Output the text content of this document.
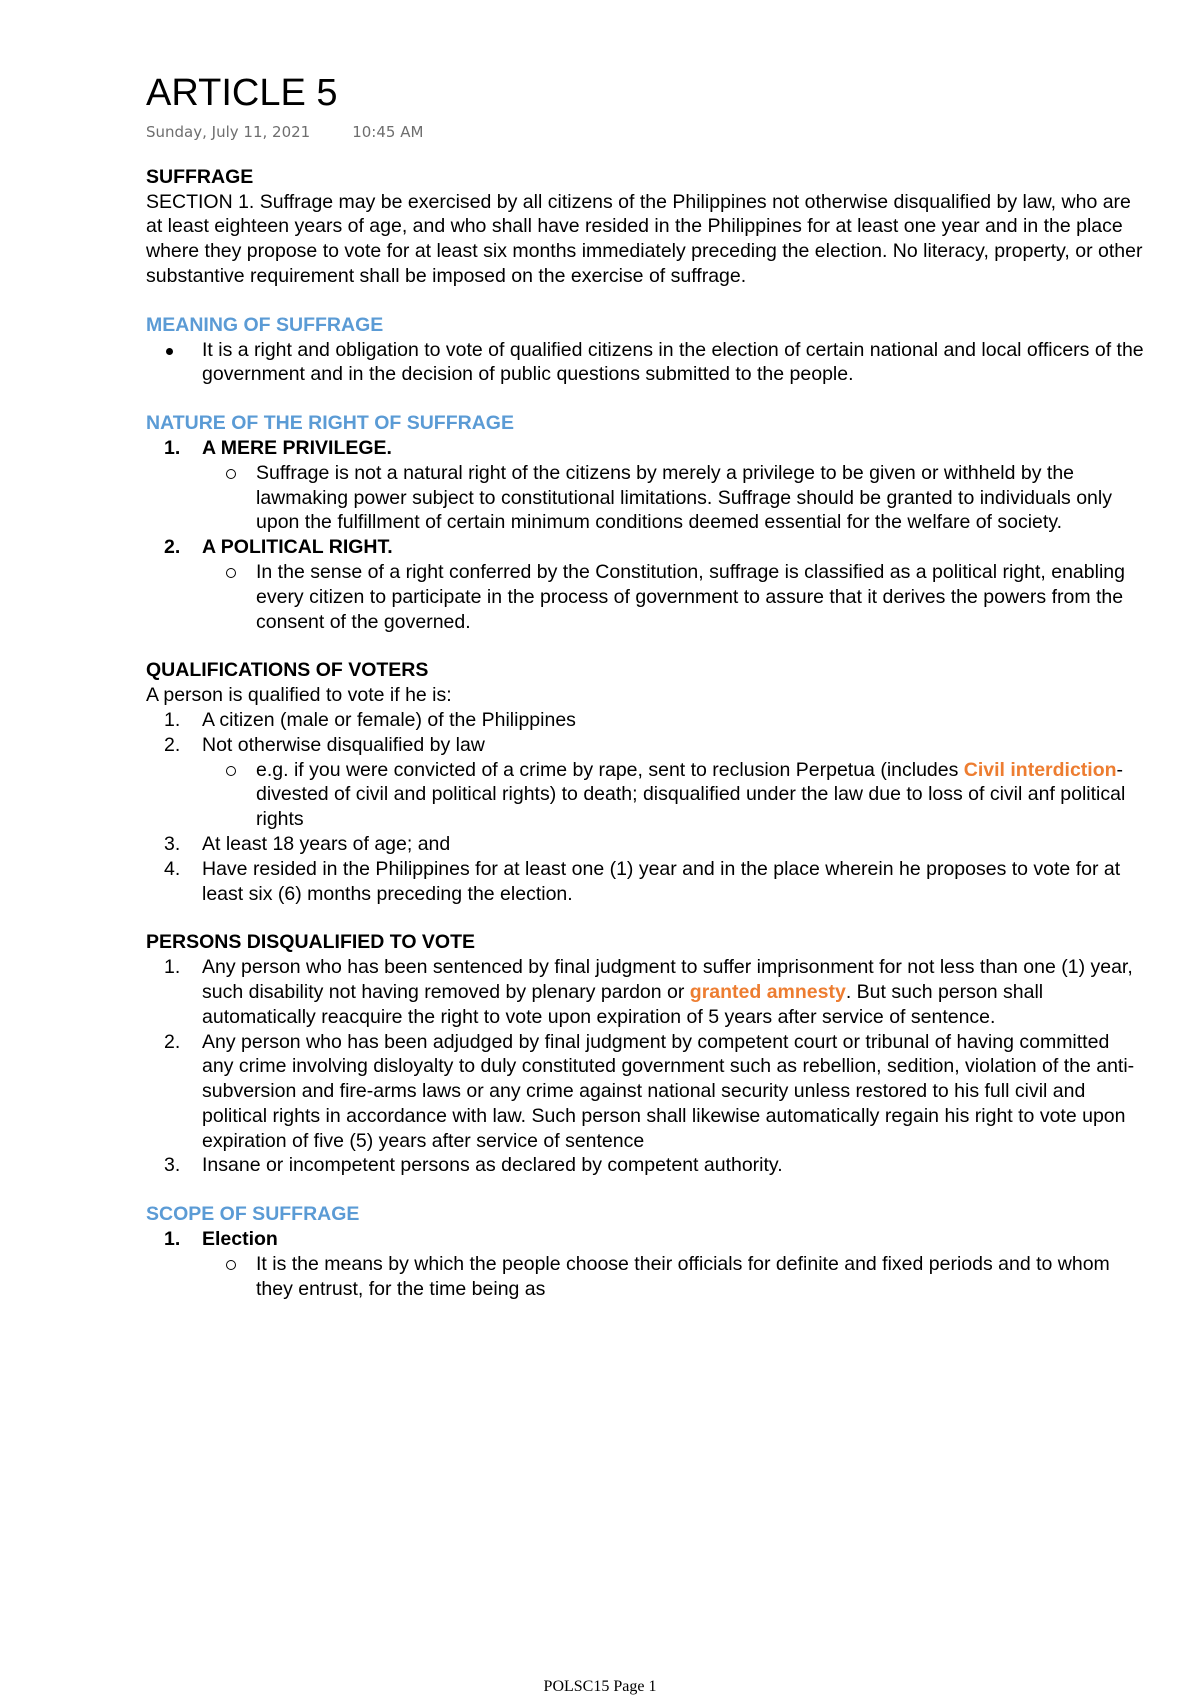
ARTICLE 5
Sunday, July 11, 2021	10:45 AM

SUFFRAGE

SECTION 1. Suffrage may be exercised by all citizens of the Philippines not otherwise disqualified by law, who are at least eighteen years of age, and who shall have resided in the Philippines for at least one year and in the place where they propose to vote for at least six months immediately preceding the election. No literacy, property, or other substantive requirement shall be imposed on the exercise of suffrage.

MEANING OF SUFFRAGE

It is a right and obligation to vote of qualified citizens in the election of certain national and local officers of the government and in the decision of public questions submitted to the people.

NATURE OF THE RIGHT OF SUFFRAGE

1.	A MERE PRIVILEGE.
Suffrage is not a natural right of the citizens by merely a privilege to be given or withheld by the lawmaking power subject to constitutional limitations. Suffrage should be granted to individuals only upon the fulfillment of certain minimum conditions deemed essential for the welfare of society.
2.	A POLITICAL RIGHT.
In the sense of a right conferred by the Constitution, suffrage is classified as a political right, enabling every citizen to participate in the process of government to assure that it derives the powers from the consent of the governed.

QUALIFICATIONS OF VOTERS

A person is qualified to vote if he is:

1.	A citizen (male or female) of the Philippines
2.	Not otherwise disqualified by law
e.g. if you were convicted of a crime by rape, sent to reclusion Perpetua (includes Civil interdiction-divested of civil and political rights) to death; disqualified under the law due to loss of civil anf political rights
3.	At least 18 years of age; and
4.	Have resided in the Philippines for at least one (1) year and in the place wherein he proposes to vote for at least six (6) months preceding the election.

PERSONS DISQUALIFIED TO VOTE

1.	Any person who has been sentenced by final judgment to suffer imprisonment for not less than one (1) year, such disability not having removed by plenary pardon or granted amnesty. But such person shall automatically reacquire the right to vote upon expiration of 5 years after service of sentence.
2.	Any person who has been adjudged by final judgment by competent court or tribunal of having committed any crime involving disloyalty to duly constituted government such as rebellion, sedition, violation of the anti-subversion and fire-arms laws or any crime against national security unless restored to his full civil and political rights in accordance with law. Such person shall likewise automatically regain his right to vote upon expiration of five (5) years after service of sentence
3.	Insane or incompetent persons as declared by competent authority.

SCOPE OF SUFFRAGE

1.	Election
It is the means by which the people choose their officials for definite and fixed periods and to whom they entrust, for the time being as
POLSC15 Page 1
